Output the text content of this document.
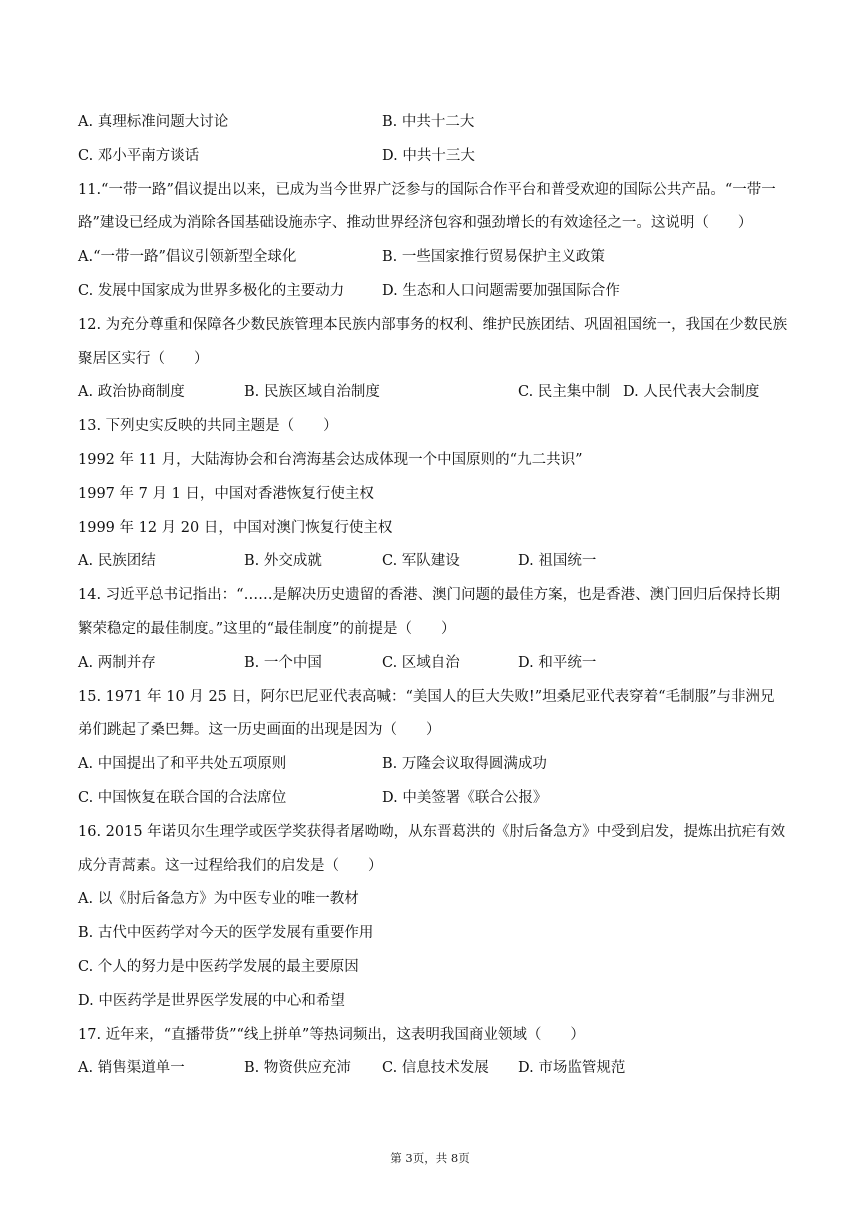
A. 真理标准问题大讨论	B. 中共十二大
C. 邓小平南方谈话	D. 中共十三大
11.“一带一路”倡议提出以来，已成为当今世界广泛参与的国际合作平台和普受欢迎的国际公共产品。“一带一路”建设已经成为消除各国基础设施赤字、推动世界经济包容和强劲增长的有效途径之一。这说明（　　）
A.“一带一路”倡议引领新型全球化	B. 一些国家推行贸易保护主义政策
C. 发展中国家成为世界多极化的主要动力	D. 生态和人口问题需要加强国际合作
12. 为充分尊重和保障各少数民族管理本民族内部事务的权利、维护民族团结、巩固祖国统一，我国在少数民族聚居区实行（　　）
A. 政治协商制度	B. 民族区域自治制度	C. 民主集中制 D. 人民代表大会制度
13. 下列史实反映的共同主题是（　　）
1992 年 11 月，大陆海协会和台湾海基会达成体现一个中国原则的“九二共识”
1997 年 7 月 1 日，中国对香港恢复行使主权
1999 年 12 月 20 日，中国对澳门恢复行使主权
A. 民族团结	B. 外交成就	C. 军队建设	D. 祖国统一
14. 习近平总书记指出：“……是解决历史遗留的香港、澳门问题的最佳方案，也是香港、澳门回归后保持长期繁荣稳定的最佳制度。”这里的“最佳制度”的前提是（　　）
A. 两制并存	B. 一个中国	C. 区域自治	D. 和平统一
15. 1971 年 10 月 25 日，阿尔巴尼亚代表高喊：“美国人的巨大失败!”坦桑尼亚代表穿着“毛制服”与非洲兄弟们跳起了桑巴舞。这一历史画面的出现是因为（　　）
A. 中国提出了和平共处五项原则	B. 万隆会议取得圆满成功
C. 中国恢复在联合国的合法席位	D. 中美签署《联合公报》
16. 2015 年诺贝尔生理学或医学奖获得者屠呦呦，从东晋葛洪的《肘后备急方》中受到启发，提炼出抗疟有效成分青蒿素。这一过程给我们的启发是（　　）
A. 以《肘后备急方》为中医专业的唯一教材
B. 古代中医药学对今天的医学发展有重要作用
C. 个人的努力是中医药学发展的最主要原因
D. 中医药学是世界医学发展的中心和希望
17. 近年来，“直播带货”“线上拼单”等热词频出，这表明我国商业领域（　　）
A. 销售渠道单一	B. 物资供应充沛 C. 信息技术发展 D. 市场监管规范
第 3页，共 8页
